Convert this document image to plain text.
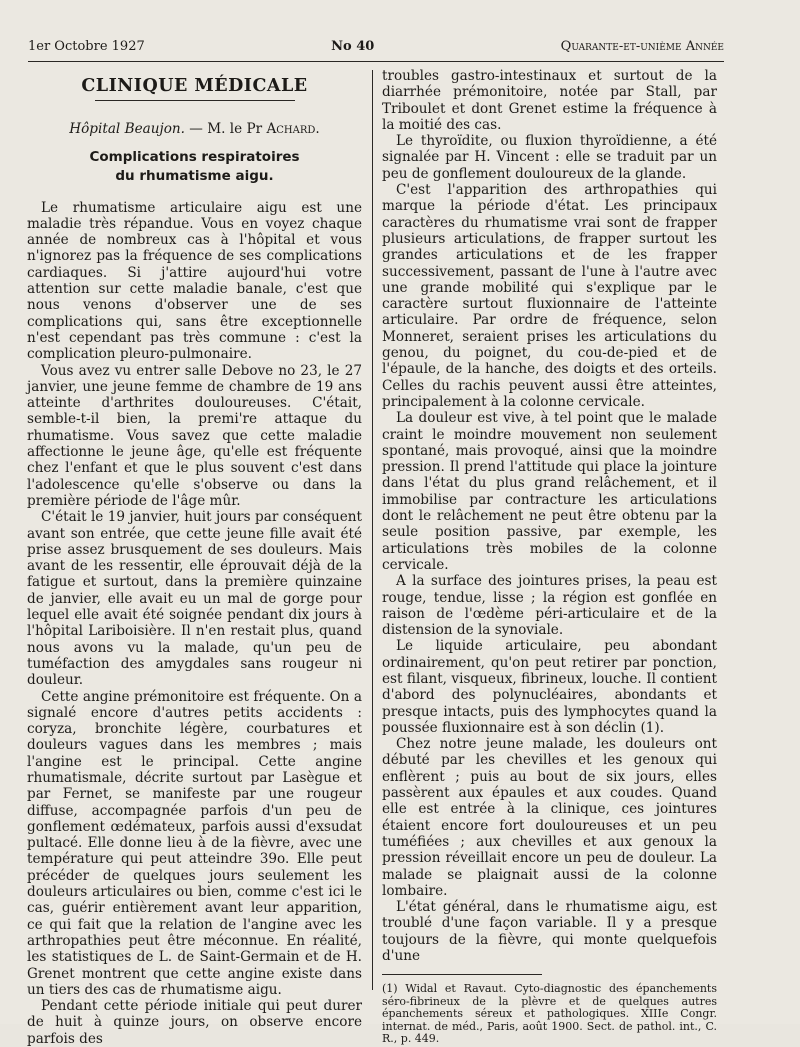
1er Octobre 1927	No 40	Quarante-et-unième Année
CLINIQUE MÉDICALE
Hôpital Beaujon. — M. le Pr Achard.
Complications respiratoires
du rhumatisme aigu.

Le rhumatisme articulaire aigu est une maladie très répandue. Vous en voyez chaque année de nombreux cas à l'hôpital et vous n'ignorez pas la fréquence de ses complications cardiaques. Si j'attire aujourd'hui votre attention sur cette maladie banale, c'est que nous venons d'observer une de ses complications qui, sans être exceptionnelle n'est cependant pas très commune : c'est la complication pleuro-pulmonaire.

Vous avez vu entrer salle Debove no 23, le 27 janvier, une jeune femme de chambre de 19 ans atteinte d'arthrites douloureuses. C'était, semble-t-il bien, la premi're attaque du rhumatisme. Vous savez que cette maladie affectionne le jeune âge, qu'elle est fréquente chez l'enfant et que le plus souvent c'est dans l'adolescence qu'elle s'observe ou dans la première période de l'âge mûr.

C'était le 19 janvier, huit jours par conséquent avant son entrée, que cette jeune fille avait été prise assez brusquement de ses douleurs. Mais avant de les ressentir, elle éprouvait déjà de la fatigue et surtout, dans la première quinzaine de janvier, elle avait eu un mal de gorge pour lequel elle avait été soignée pendant dix jours à l'hôpital Lariboisière. Il n'en restait plus, quand nous avons vu la malade, qu'un peu de tuméfaction des amygdales sans rougeur ni douleur.

Cette angine prémonitoire est fréquente. On a signalé encore d'autres petits accidents : coryza, bronchite légère, courbatures et douleurs vagues dans les membres ; mais l'angine est le principal. Cette angine rhumatismale, décrite surtout par Lasègue et par Fernet, se manifeste par une rougeur diffuse, accompagnée parfois d'un peu de gonflement œdémateux, parfois aussi d'exsudat pultacé. Elle donne lieu à de la fièvre, avec une température qui peut atteindre 39o. Elle peut précéder de quelques jours seulement les douleurs articulaires ou bien, comme c'est ici le cas, guérir entièrement avant leur apparition, ce qui fait que la relation de l'angine avec les arthropathies peut être méconnue. En réalité, les statistiques de L. de Saint-Germain et de H. Grenet montrent que cette angine existe dans un tiers des cas de rhumatisme aigu.

Pendant cette période initiale qui peut durer de huit à quinze jours, on observe encore parfois des

troubles gastro-intestinaux et surtout de la diarrhée prémonitoire, notée par Stall, par Triboulet et dont Grenet estime la fréquence à la moitié des cas.

Le thyroïdite, ou fluxion thyroïdienne, a été signalée par H. Vincent : elle se traduit par un peu de gonflement douloureux de la glande.

C'est l'apparition des arthropathies qui marque la période d'état. Les principaux caractères du rhumatisme vrai sont de frapper plusieurs articulations, de frapper surtout les grandes articulations et de les frapper successivement, passant de l'une à l'autre avec une grande mobilité qui s'explique par le caractère surtout fluxionnaire de l'atteinte articulaire. Par ordre de fréquence, selon Monneret, seraient prises les articulations du genou, du poignet, du cou-de-pied et de l'épaule, de la hanche, des doigts et des orteils. Celles du rachis peuvent aussi être atteintes, principalement à la colonne cervicale.

La douleur est vive, à tel point que le malade craint le moindre mouvement non seulement spontané, mais provoqué, ainsi que la moindre pression. Il prend l'attitude qui place la jointure dans l'état du plus grand relâchement, et il immobilise par contracture les articulations dont le relâchement ne peut être obtenu par la seule position passive, par exemple, les articulations très mobiles de la colonne cervicale.

A la surface des jointures prises, la peau est rouge, tendue, lisse ; la région est gonflée en raison de l'œdème péri-articulaire et de la distension de la synoviale.

Le liquide articulaire, peu abondant ordinairement, qu'on peut retirer par ponction, est filant, visqueux, fibrineux, louche. Il contient d'abord des polynucléaires, abondants et presque intacts, puis des lymphocytes quand la poussée fluxionnaire est à son déclin (1).

Chez notre jeune malade, les douleurs ont débuté par les chevilles et les genoux qui enflèrent ; puis au bout de six jours, elles passèrent aux épaules et aux coudes. Quand elle est entrée à la clinique, ces jointures étaient encore fort douloureuses et un peu tuméfiées ; aux chevilles et aux genoux la pression réveillait encore un peu de douleur. La malade se plaignait aussi de la colonne lombaire.

L'état général, dans le rhumatisme aigu, est troublé d'une façon variable. Il y a presque toujours de la fièvre, qui monte quelquefois d'une

(1) Widal et Ravaut. Cyto-diagnostic des épanchements séro-fibrineux de la plèvre et de quelques autres épanchements séreux et pathologiques. XIIIe Congr. internat. de méd., Paris, août 1900. Sect. de pathol. int., C. R., p. 449.
